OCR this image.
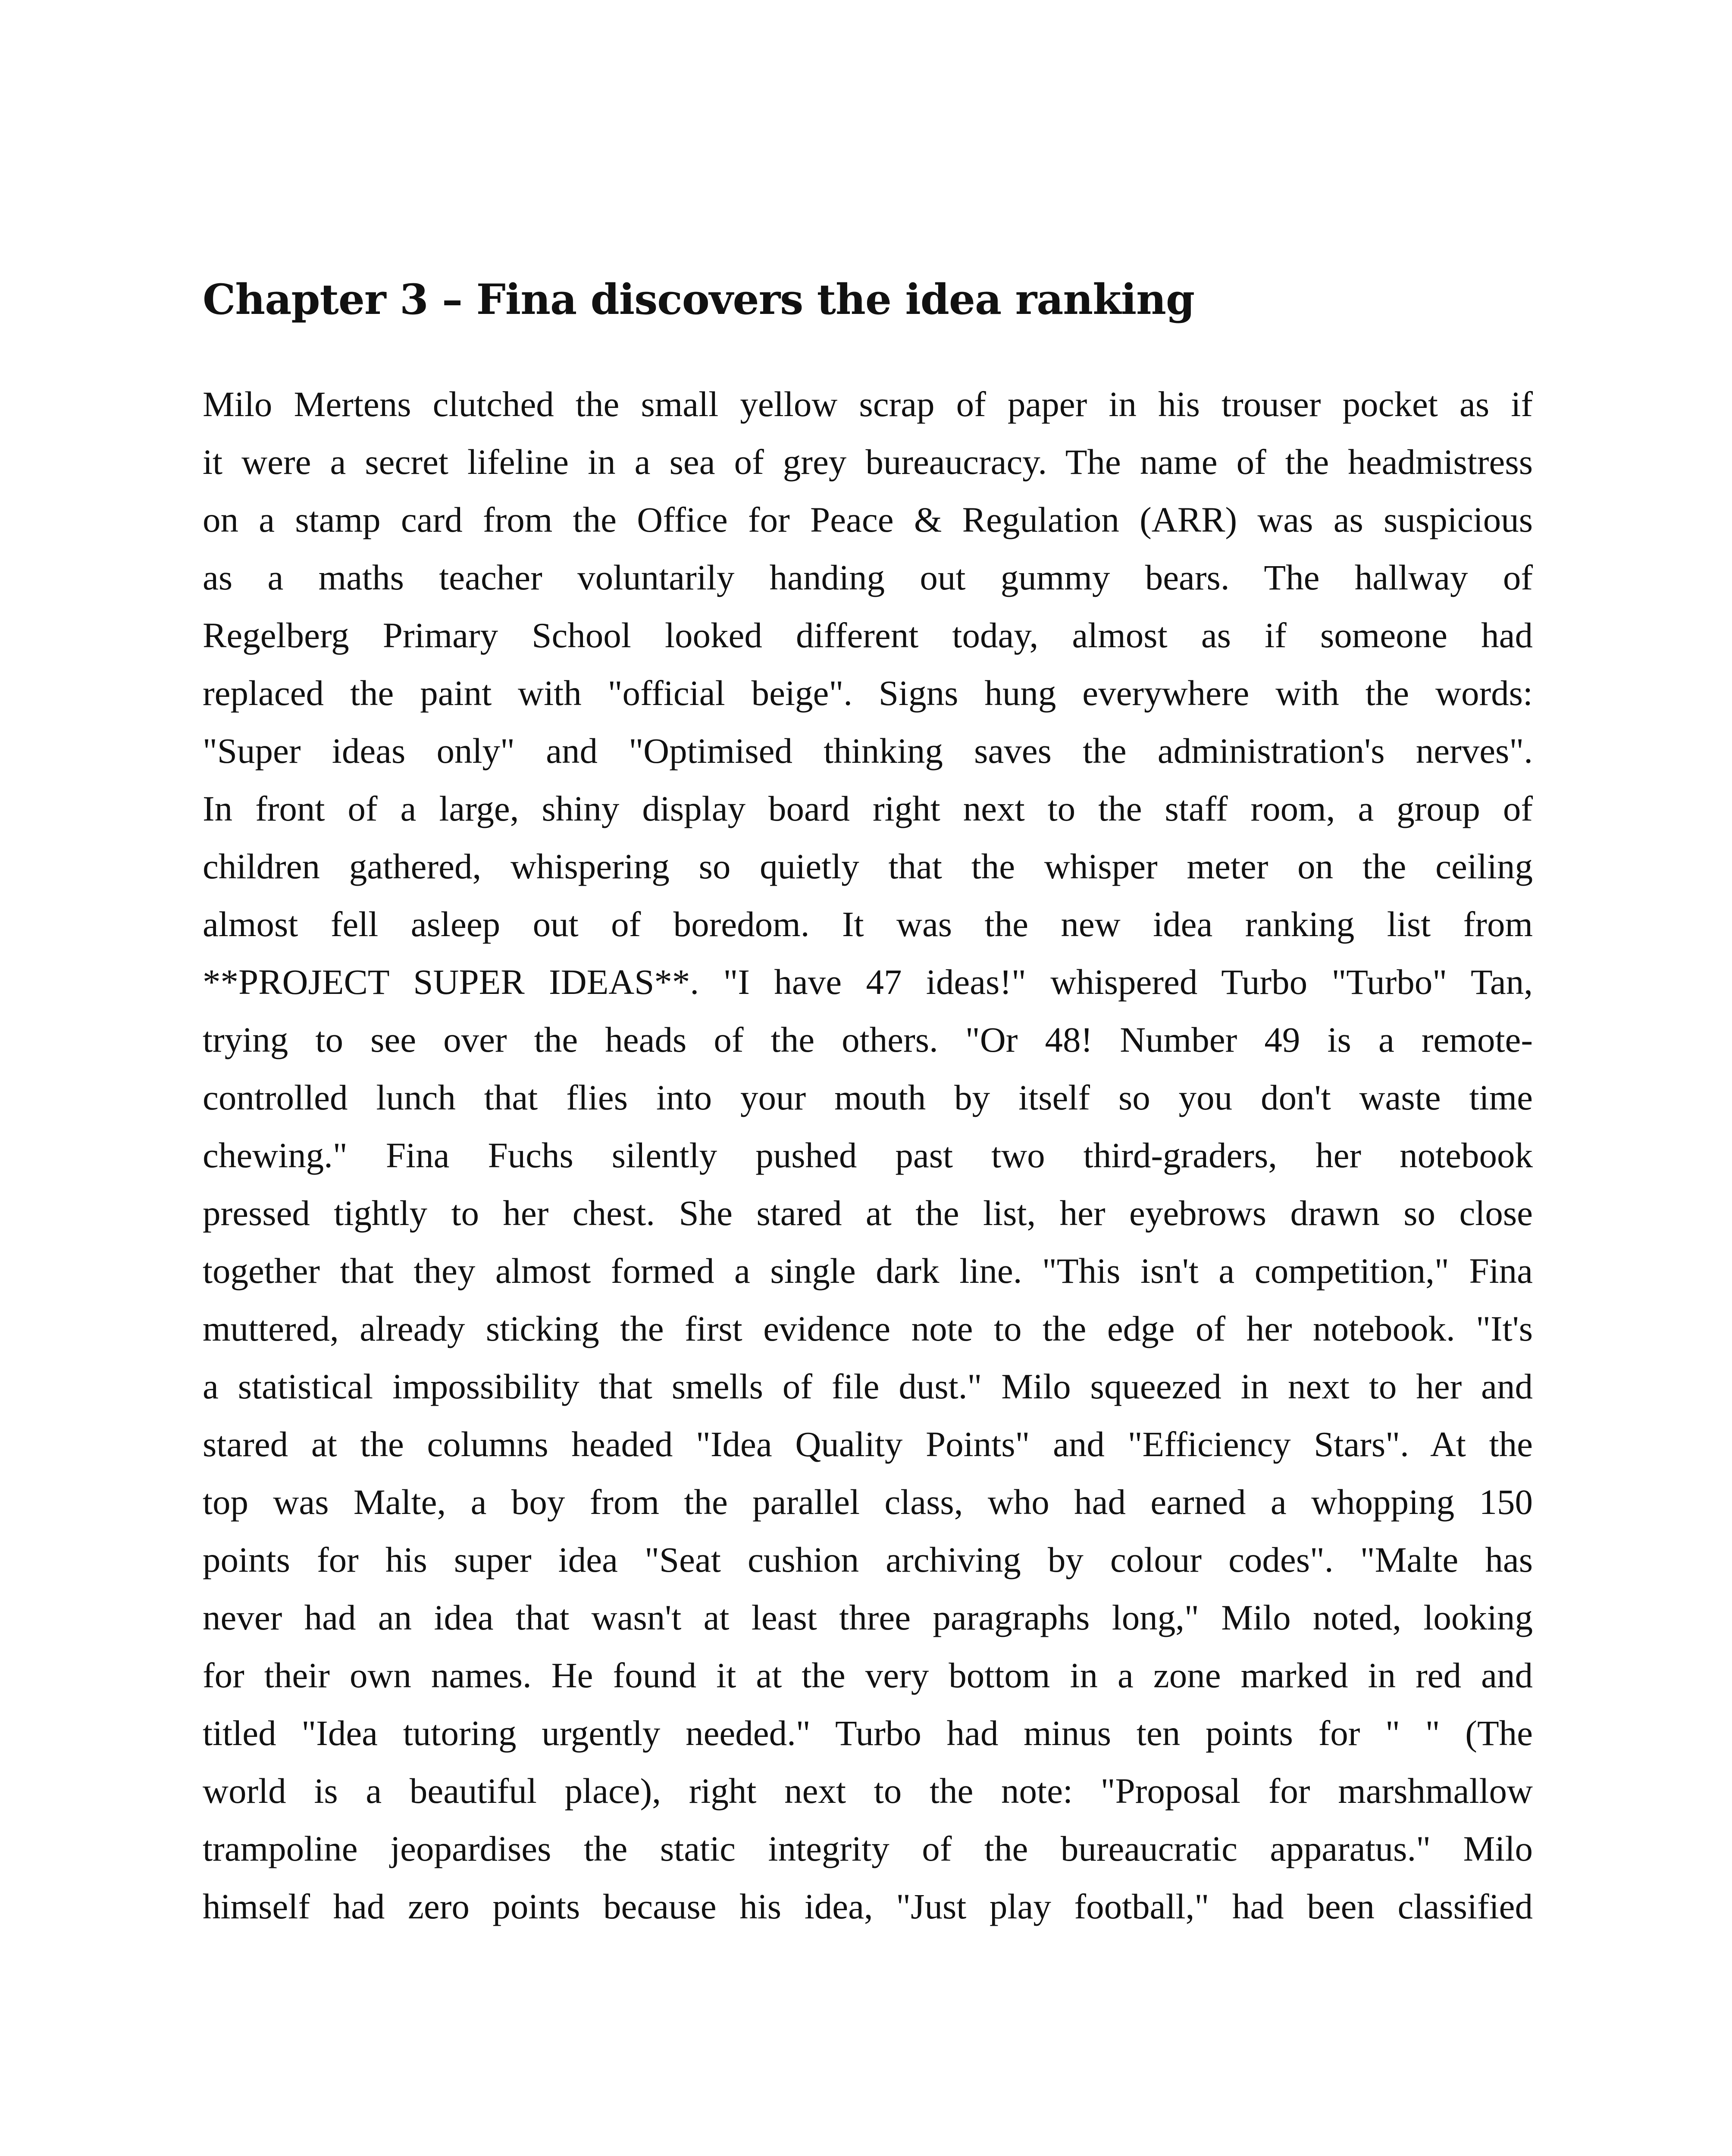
Chapter 3 – Fina discovers the idea ranking
Milo Mertens clutched the small yellow scrap of paper in his trouser pocket as if
it were a secret lifeline in a sea of grey bureaucracy. The name of the headmistress
on a stamp card from the Office for Peace & Regulation (ARR) was as suspicious
as a maths teacher voluntarily handing out gummy bears. The hallway of
Regelberg Primary School looked different today, almost as if someone had
replaced the paint with "official beige". Signs hung everywhere with the words:
"Super ideas only" and "Optimised thinking saves the administration's nerves".
In front of a large, shiny display board right next to the staff room, a group of
children gathered, whispering so quietly that the whisper meter on the ceiling
almost fell asleep out of boredom. It was the new idea ranking list from
**PROJECT SUPER IDEAS**. "I have 47 ideas!" whispered Turbo "Turbo" Tan,
trying to see over the heads of the others. "Or 48! Number 49 is a remote-
controlled lunch that flies into your mouth by itself so you don't waste time
chewing." Fina Fuchs silently pushed past two third-graders, her notebook
pressed tightly to her chest. She stared at the list, her eyebrows drawn so close
together that they almost formed a single dark line. "This isn't a competition," Fina
muttered, already sticking the first evidence note to the edge of her notebook. "It's
a statistical impossibility that smells of file dust." Milo squeezed in next to her and
stared at the columns headed "Idea Quality Points" and "Efficiency Stars". At the
top was Malte, a boy from the parallel class, who had earned a whopping 150
points for his super idea "Seat cushion archiving by colour codes". "Malte has
never had an idea that wasn't at least three paragraphs long," Milo noted, looking
for their own names. He found it at the very bottom in a zone marked in red and
titled "Idea tutoring urgently needed." Turbo had minus ten points for " " (The
world is a beautiful place), right next to the note: "Proposal for marshmallow
trampoline jeopardises the static integrity of the bureaucratic apparatus." Milo
himself had zero points because his idea, "Just play football," had been classified
